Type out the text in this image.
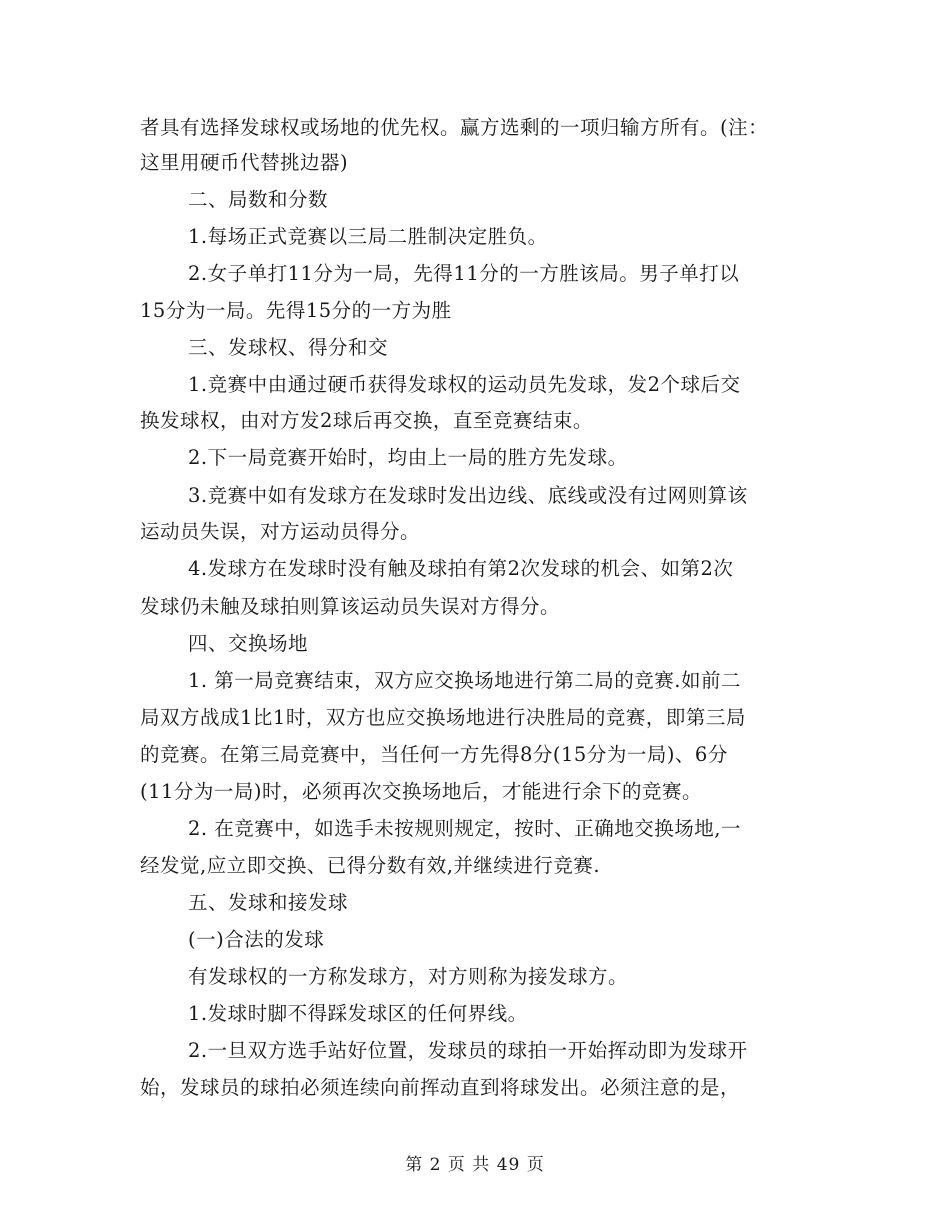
者具有选择发球权或场地的优先权。赢方选剩的一项归输方所有。(注：
这里用硬币代替挑边器)
二、局数和分数
1.每场正式竞赛以三局二胜制决定胜负。
2.女子单打11分为一局，先得11分的一方胜该局。男子单打以
15分为一局。先得15分的一方为胜
三、发球权、得分和交
1.竞赛中由通过硬币获得发球权的运动员先发球，发2个球后交
换发球权，由对方发2球后再交换，直至竞赛结束。
2.下一局竞赛开始时，均由上一局的胜方先发球。
3.竞赛中如有发球方在发球时发出边线、底线或没有过网则算该
运动员失误，对方运动员得分。
4.发球方在发球时没有触及球拍有第2次发球的机会、如第2次
发球仍未触及球拍则算该运动员失误对方得分。
四、交换场地
1. 第一局竞赛结束，双方应交换场地进行第二局的竞赛.如前二
局双方战成1比1时，双方也应交换场地进行决胜局的竞赛，即第三局
的竞赛。在第三局竞赛中，当任何一方先得8分(15分为一局)、6分
(11分为一局)时，必须再次交换场地后，才能进行余下的竞赛。
2. 在竞赛中，如选手未按规则规定，按时、正确地交换场地,一
经发觉,应立即交换、已得分数有效,并继续进行竞赛.
五、发球和接发球
(一)合法的发球
有发球权的一方称发球方，对方则称为接发球方。
1.发球时脚不得踩发球区的任何界线。
2.一旦双方选手站好位置，发球员的球拍一开始挥动即为发球开
始，发球员的球拍必须连续向前挥动直到将球发出。必须注意的是，
第 2 页 共 49 页
